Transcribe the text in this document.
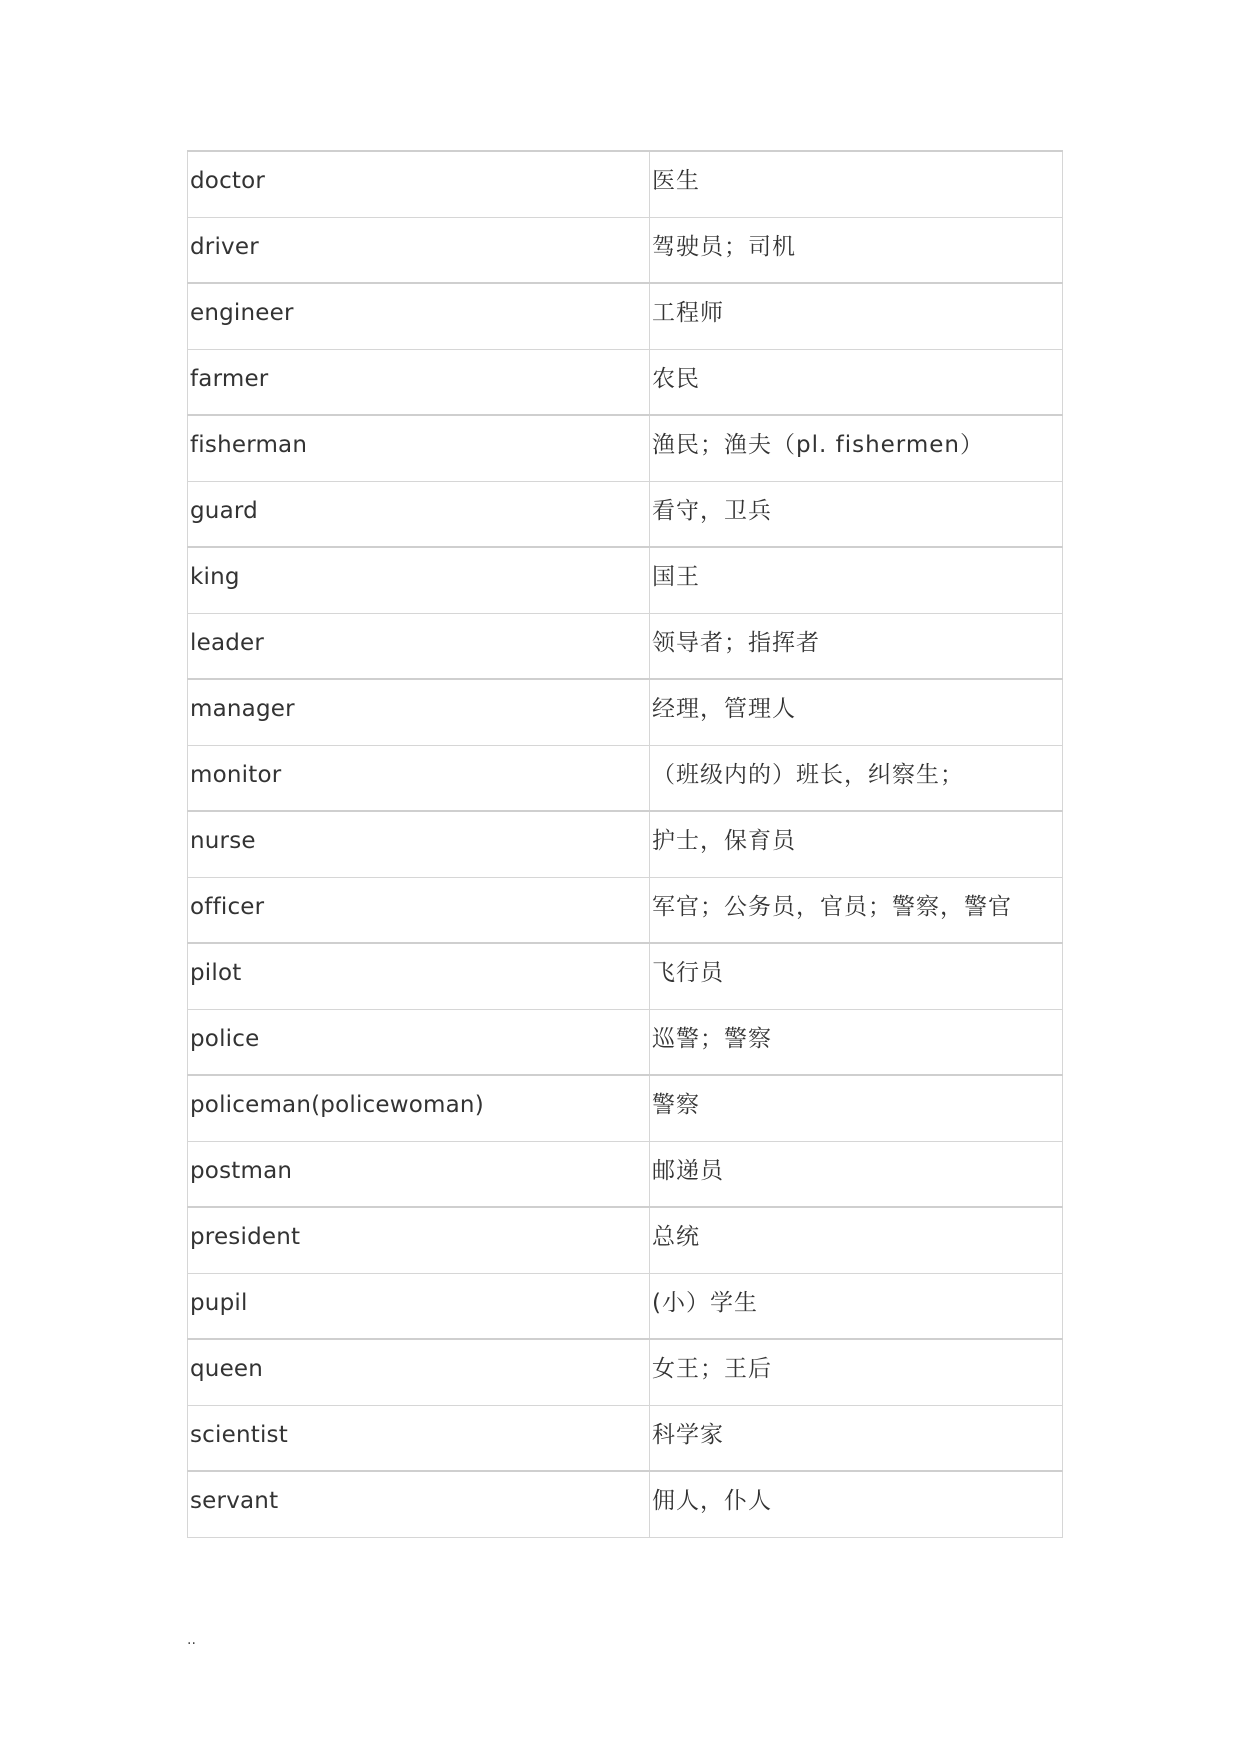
doctor	医生
driver	驾驶员；司机
engineer	工程师
farmer	农民
fisherman	渔民；渔夫（pl. fishermen）
guard	看守，卫兵
king	国王
leader	领导者；指挥者
manager	经理，管理人
monitor	（班级内的）班长，纠察生；
nurse	护士，保育员
officer	军官；公务员，官员；警察，警官
pilot	飞行员
police	巡警；警察
policeman(policewoman)	警察
postman	邮递员
president	总统
pupil	(小）学生
queen	女王；王后
scientist	科学家
servant	佣人，仆人
..
